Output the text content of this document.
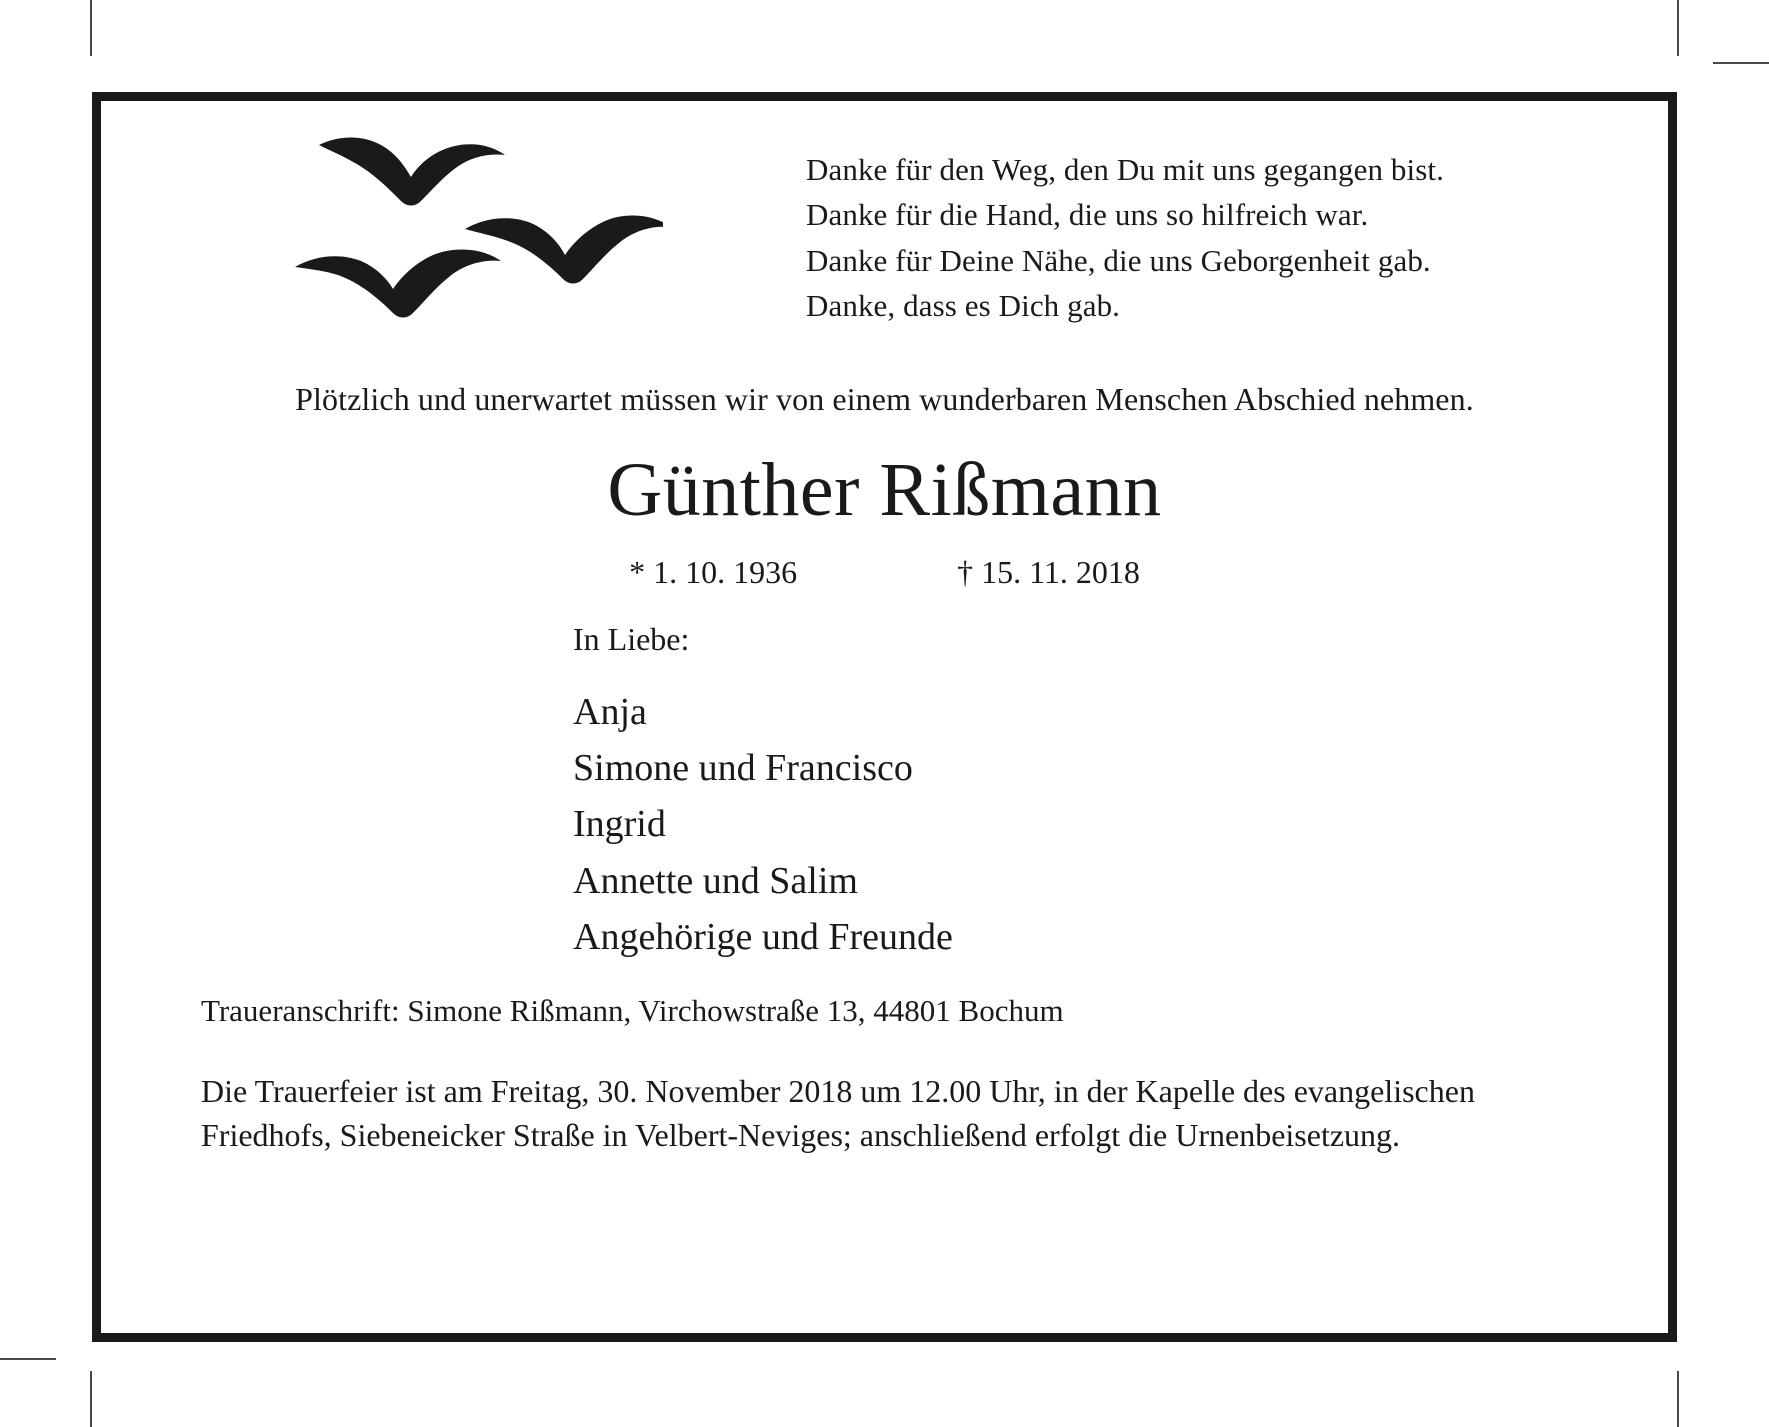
Danke für den Weg, den Du mit uns gegangen bist.
Danke für die Hand, die uns so hilfreich war.
Danke für Deine Nähe, die uns Geborgenheit gab.
Danke, dass es Dich gab.
Plötzlich und unerwartet müssen wir von einem wunderbaren Menschen Abschied nehmen.
Günther Rißmann
* 1. 10. 1936	† 15. 11. 2018
In Liebe:
Anja
Simone und Francisco
Ingrid
Annette und Salim
Angehörige und Freunde
Traueranschrift: Simone Rißmann, Virchowstraße 13, 44801 Bochum
Die Trauerfeier ist am Freitag, 30. November 2018 um 12.00 Uhr, in der Kapelle des evangelischen Friedhofs, Siebeneicker Straße in Velbert-Neviges; anschließend erfolgt die Urnenbeisetzung.
